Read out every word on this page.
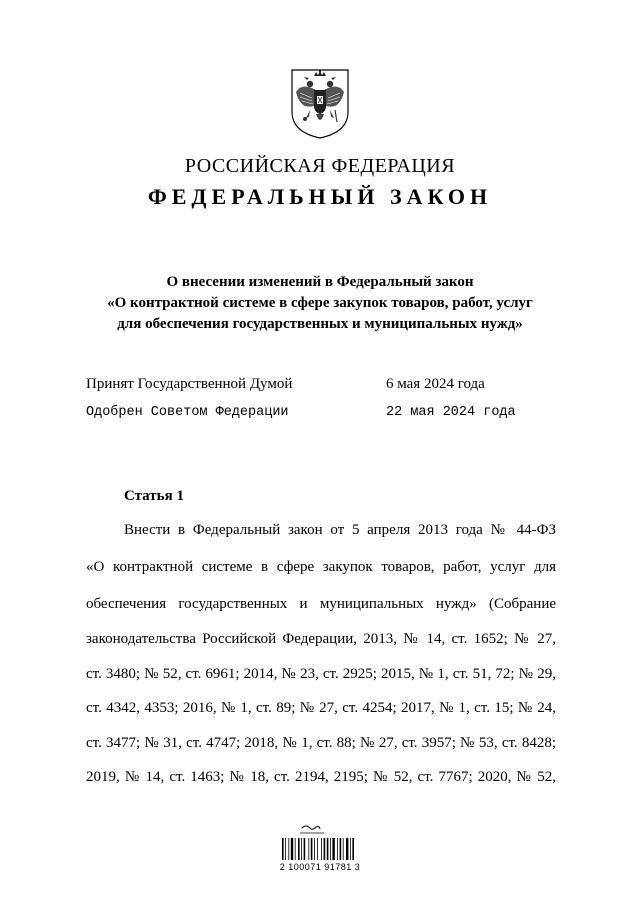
РОССИЙСКАЯ ФЕДЕРАЦИЯ
ФЕДЕРАЛЬНЫЙ ЗАКОН
О внесении изменений в Федеральный закон
«О контрактной системе в сфере закупок товаров, работ, услуг
для обеспечения государственных и муниципальных нужд»
Принят Государственной Думой	6 мая 2024 года
Одобрен Советом Федерации	22 мая 2024 года
Статья 1
Внести в Федеральный закон от 5 апреля 2013 года № 44-ФЗ
«О контрактной системе в сфере закупок товаров, работ, услуг для
обеспечения государственных и муниципальных нужд» (Собрание
законодательства Российской Федерации, 2013, № 14, ст. 1652; № 27,
ст. 3480; № 52, ст. 6961; 2014, № 23, ст. 2925; 2015, № 1, ст. 51, 72; № 29,
ст. 4342, 4353; 2016, № 1, ст. 89; № 27, ст. 4254; 2017, № 1, ст. 15; № 24,
ст. 3477; № 31, ст. 4747; 2018, № 1, ст. 88; № 27, ст. 3957; № 53, ст. 8428;
2019, № 14, ст. 1463; № 18, ст. 2194, 2195; № 52, ст. 7767; 2020, № 52,
2 100071 91781 3
